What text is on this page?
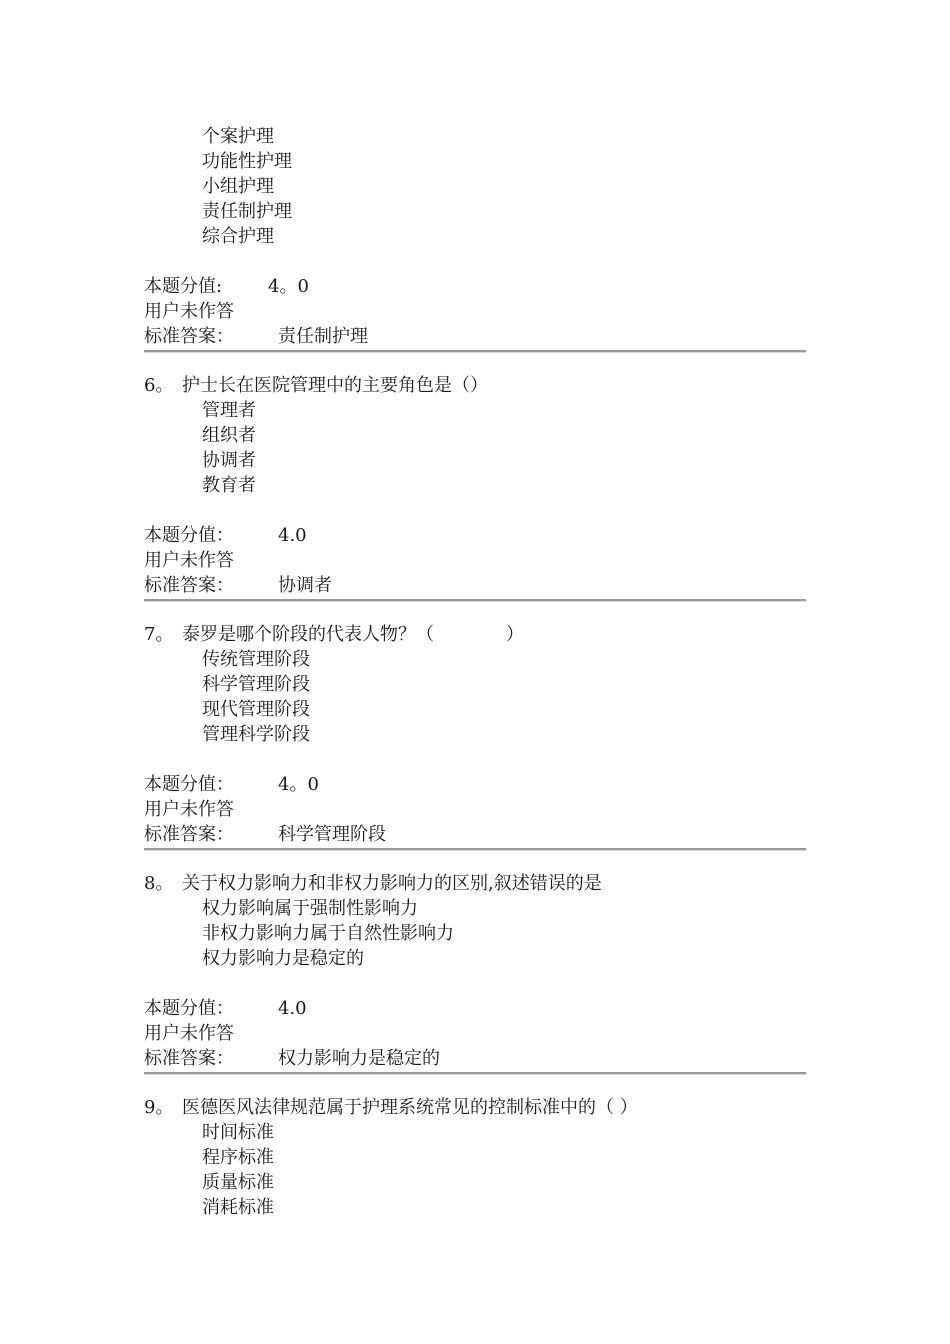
个案护理
功能性护理
小组护理
责任制护理
综合护理
本题分值:	4。0
用户未作答
标准答案： 责任制护理
6。 护士长在医院管理中的主要角色是（）
管理者
组织者
协调者
教育者
本题分值： 4.0
用户未作答
标准答案： 协调者
7。 泰罗是哪个阶段的代表人物？（　　　　）
传统管理阶段
科学管理阶段
现代管理阶段
管理科学阶段
本题分值： 4。0
用户未作答
标准答案： 科学管理阶段
8。 关于权力影响力和非权力影响力的区别,叙述错误的是
权力影响属于强制性影响力
非权力影响力属于自然性影响力
权力影响力是稳定的
本题分值： 4.0
用户未作答
标准答案： 权力影响力是稳定的
9。 医德医风法律规范属于护理系统常见的控制标准中的（ ）
时间标准
程序标准
质量标准
消耗标准
